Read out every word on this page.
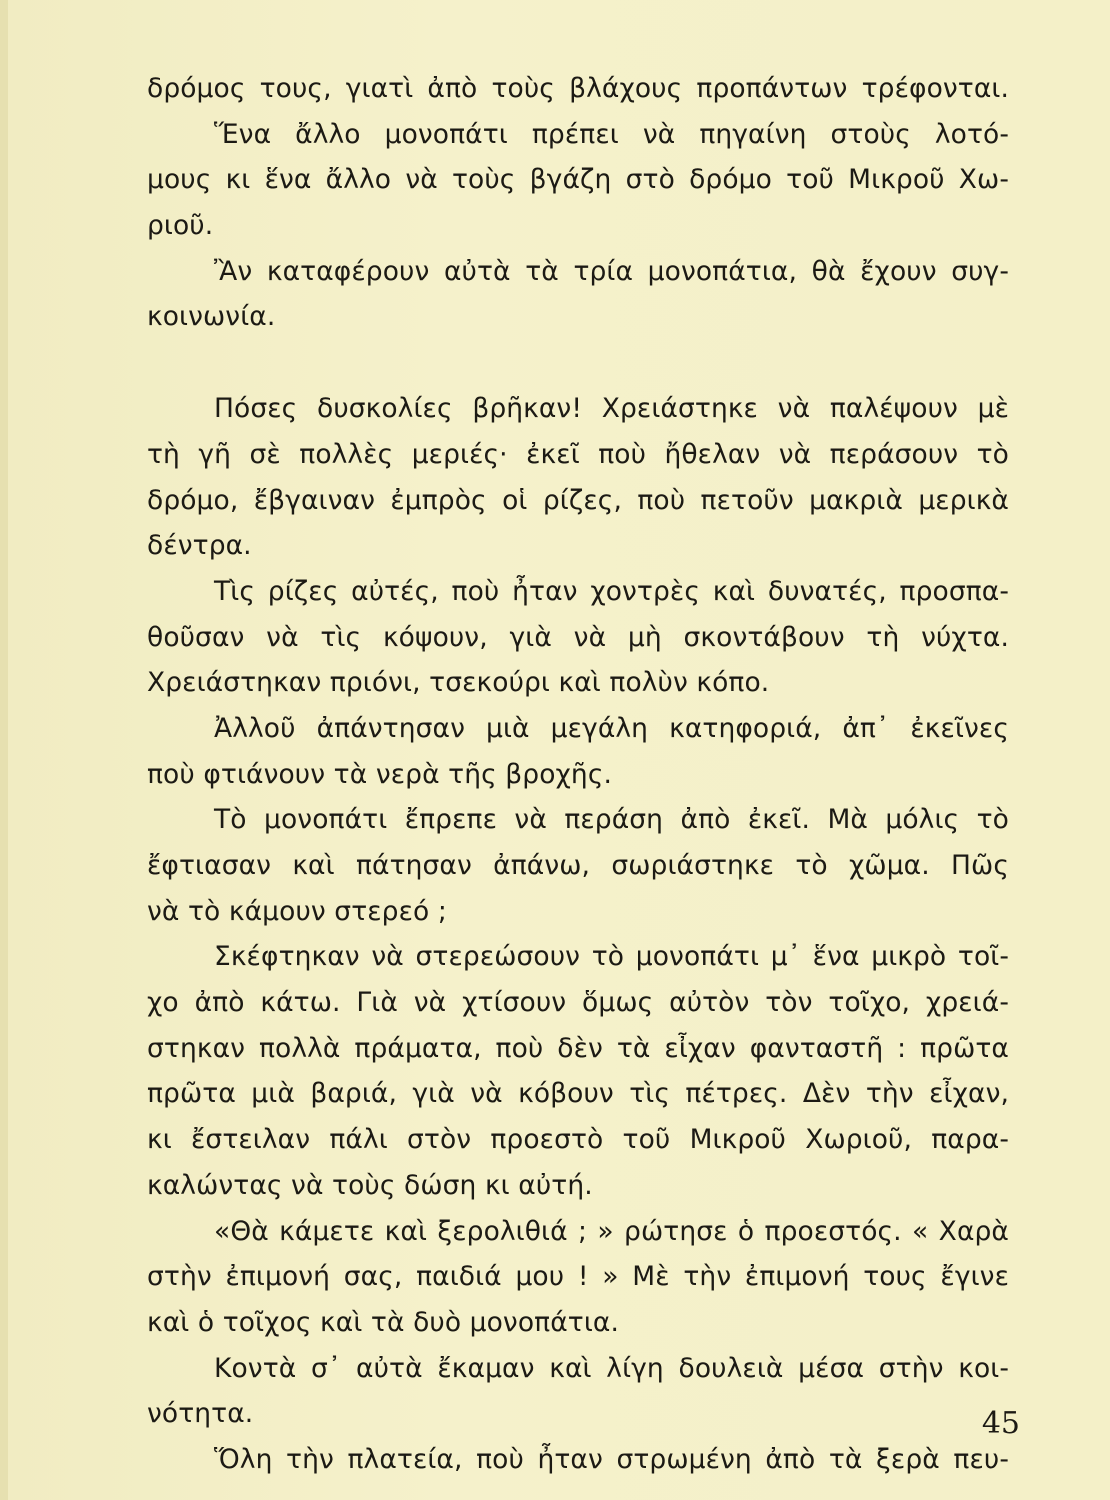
δρόμος τους, γιατὶ ἀπὸ τοὺς βλάχους προπάντων τρέφονται.
Ἕνα ἄλλο μονοπάτι πρέπει νὰ πηγαίνη στοὺς λοτό-
μους κι ἕνα ἄλλο νὰ τοὺς βγάζη στὸ δρόμο τοῦ Μικροῦ Χω-
ριοῦ.
Ἂν καταφέρουν αὐτὰ τὰ τρία μονοπάτια, θὰ ἔχουν συγ-
κοινωνία.
Πόσες δυσκολίες βρῆκαν! Χρειάστηκε νὰ παλέψουν μὲ
τὴ γῆ σὲ πολλὲς μεριές· ἐκεῖ ποὺ ἤθελαν νὰ περάσουν τὸ
δρόμο, ἔβγαιναν ἐμπρὸς οἱ ρίζες, ποὺ πετοῦν μακριὰ μερικὰ
δέντρα.
Τὶς ρίζες αὐτές, ποὺ ἦταν χοντρὲς καὶ δυνατές, προσπα-
θοῦσαν νὰ τὶς κόψουν, γιὰ νὰ μὴ σκοντάβουν τὴ νύχτα.
Χρειάστηκαν πριόνι, τσεκούρι καὶ πολὺν κόπο.
Ἀλλοῦ ἀπάντησαν μιὰ μεγάλη κατηφοριά, ἀπ᾿ ἐκεῖνες
ποὺ φτιάνουν τὰ νερὰ τῆς βροχῆς.
Τὸ μονοπάτι ἔπρεπε νὰ περάση ἀπὸ ἐκεῖ. Μὰ μόλις τὸ
ἔφτιασαν καὶ πάτησαν ἀπάνω, σωριάστηκε τὸ χῶμα. Πῶς
νὰ τὸ κάμουν στερεό ;
Σκέφτηκαν νὰ στερεώσουν τὸ μονοπάτι μ᾿ ἕνα μικρὸ τοῖ-
χο ἀπὸ κάτω. Γιὰ νὰ χτίσουν ὅμως αὐτὸν τὸν τοῖχο, χρειά-
στηκαν πολλὰ πράματα, ποὺ δὲν τὰ εἶχαν φανταστῆ : πρῶτα
πρῶτα μιὰ βαριά, γιὰ νὰ κόβουν τὶς πέτρες. Δὲν τὴν εἶχαν,
κι ἔστειλαν πάλι στὸν προεστὸ τοῦ Μικροῦ Χωριοῦ, παρα-
καλώντας νὰ τοὺς δώση κι αὐτή.
«Θὰ κάμετε καὶ ξερολιθιά ; » ρώτησε ὁ προεστός. « Χαρὰ
στὴν ἐπιμονή σας, παιδιά μου ! » Μὲ τὴν ἐπιμονή τους ἔγινε
καὶ ὁ τοῖχος καὶ τὰ δυὸ μονοπάτια.
Κοντὰ σ᾿ αὐτὰ ἔκαμαν καὶ λίγη δουλειὰ μέσα στὴν κοι-
νότητα.
Ὅλη τὴν πλατεία, ποὺ ἦταν στρωμένη ἀπὸ τὰ ξερὰ πευ-
45
